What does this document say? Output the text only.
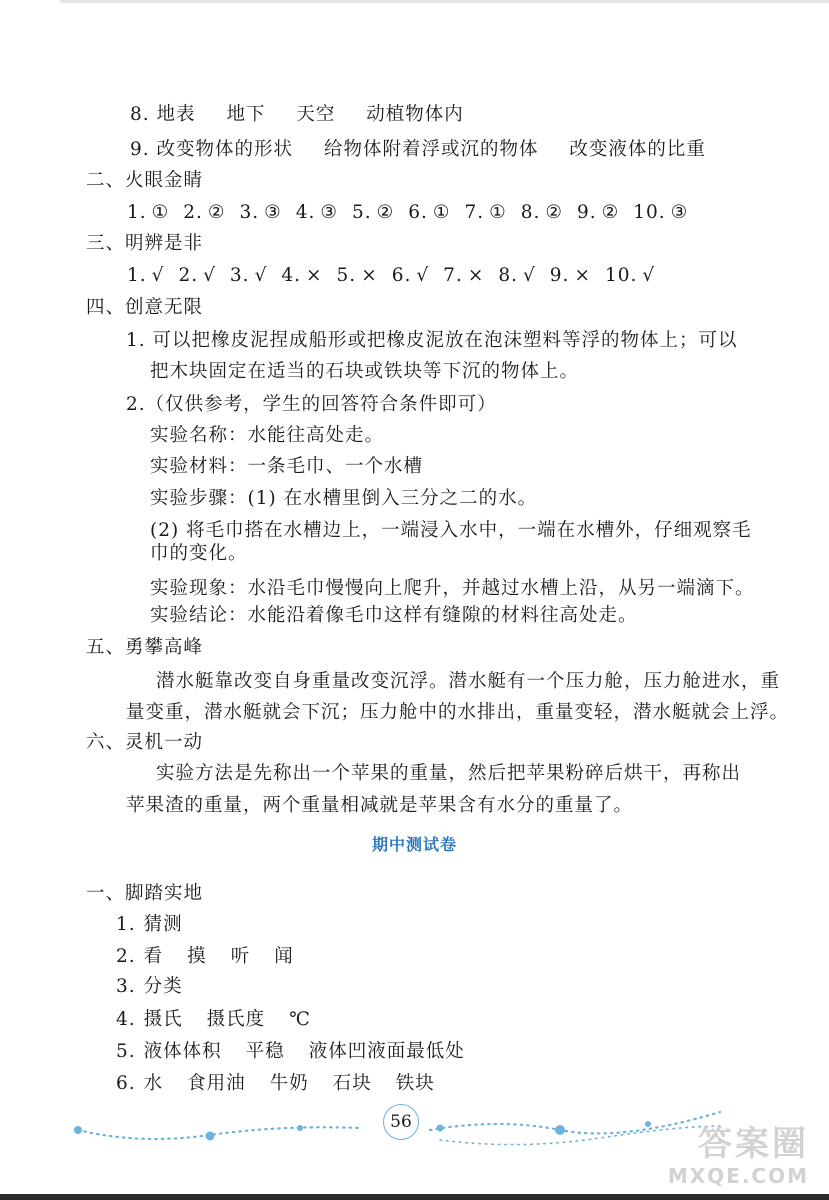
8. 地表 地下 天空 动植物体内
9. 改变物体的形状 给物体附着浮或沉的物体 改变液体的比重
二、火眼金睛
1. ① 2. ② 3. ③ 4. ③ 5. ② 6. ① 7. ① 8. ② 9. ② 10. ③
三、明辨是非
1. √ 2. √ 3. √ 4. × 5. × 6. √ 7. × 8. √ 9. × 10. √
四、创意无限
1. 可以把橡皮泥捏成船形或把橡皮泥放在泡沫塑料等浮的物体上；可以
把木块固定在适当的石块或铁块等下沉的物体上。
2.（仅供参考，学生的回答符合条件即可）
实验名称：水能往高处走。
实验材料：一条毛巾、一个水槽
实验步骤：(1) 在水槽里倒入三分之二的水。
(2) 将毛巾搭在水槽边上，一端浸入水中，一端在水槽外，仔细观察毛
巾的变化。
实验现象：水沿毛巾慢慢向上爬升，并越过水槽上沿，从另一端滴下。
实验结论：水能沿着像毛巾这样有缝隙的材料往高处走。
五、勇攀高峰
潜水艇靠改变自身重量改变沉浮。潜水艇有一个压力舱，压力舱进水，重
量变重，潜水艇就会下沉；压力舱中的水排出，重量变轻，潜水艇就会上浮。
六、灵机一动
实验方法是先称出一个苹果的重量，然后把苹果粉碎后烘干，再称出
苹果渣的重量，两个重量相减就是苹果含有水分的重量了。
期中测试卷
一、脚踏实地
1. 猜测
2. 看 摸 听 闻
3. 分类
4. 摄氏 摄氏度 ℃
5. 液体体积 平稳 液体凹液面最低处
6. 水 食用油 牛奶 石块 铁块
56
答案圈
MXQE.COM
